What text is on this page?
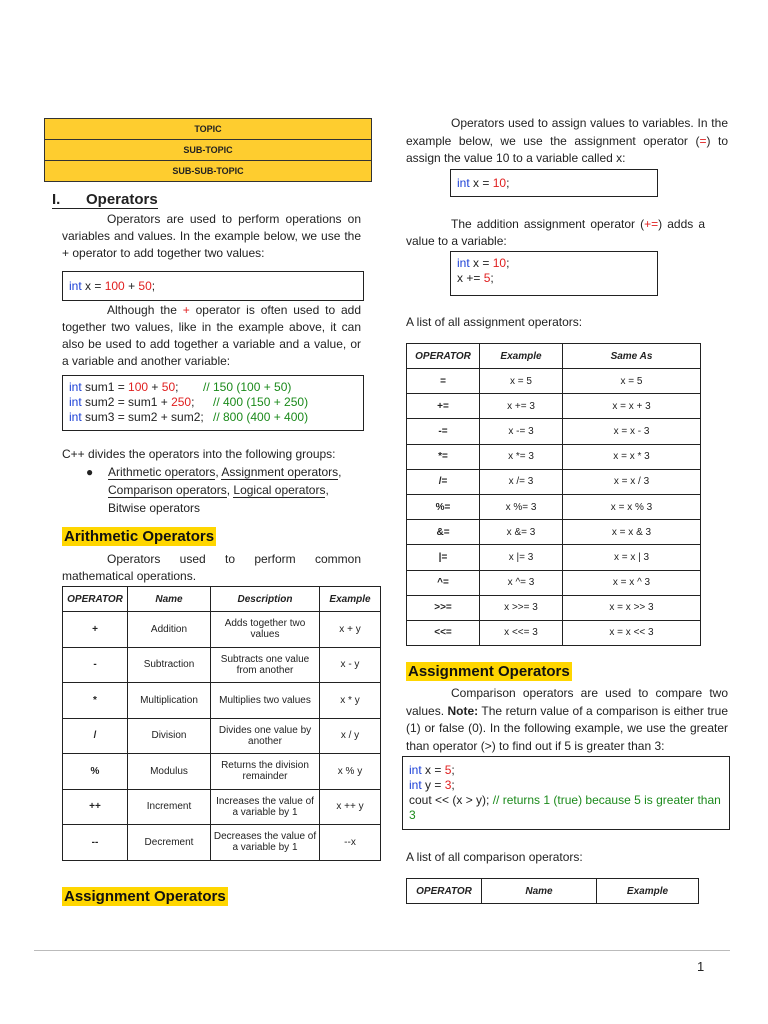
TOPIC
SUB-TOPIC
SUB-SUB-TOPIC
I. Operators

Operators are used to perform operations on variables and values. In the example below, we use the + operator to add together two values:

int x = 100 + 50;

Although the + operator is often used to add together two values, like in the example above, it can also be used to add together a variable and a value, or a variable and another variable:

int sum1 = 100 + 50; // 150 (100 + 50)
int sum2 = sum1 + 250; // 400 (150 + 250)
int sum3 = sum2 + sum2; // 800 (400 + 400)

C++ divides the operators into the following groups:

● Arithmetic operators, Assignment operators,
Comparison operators, Logical operators,
Bitwise operators
Arithmetic Operators

Operators used to perform common mathematical operations.

OPERATOR	Name	Description	Example
+	Addition	Adds together two values	x + y
-	Subtraction	Subtracts one value from another	x - y
*	Multiplication	Multiplies two values	x * y
/	Division	Divides one value by another	x / y
%	Modulus	Returns the division remainder	x % y
++	Increment	Increases the value of a variable by 1	x ++ y
--	Decrement	Decreases the value of a variable by 1	--x
Assignment Operators

Operators used to assign values to variables. In the example below, we use the assignment operator (=) to assign the value 10 to a variable called x:

int x = 10;

The addition assignment operator (+=) adds a value to a variable:

int x = 10;
x += 5;

A list of all assignment operators:

OPERATOR	Example	Same As
=	x = 5	x = 5
+=	x += 3	x = x + 3
-=	x -= 3	x = x - 3
*=	x *= 3	x = x * 3
/=	x /= 3	x = x / 3
%=	x %= 3	x = x % 3
&=	x &= 3	x = x & 3
|=	x |= 3	x = x | 3
^=	x ^= 3	x = x ^ 3
>>=	x >>= 3	x = x >> 3
<<=	x <<= 3	x = x << 3
Assignment Operators

Comparison operators are used to compare two values. Note: The return value of a comparison is either true (1) or false (0). In the following example, we use the greater than operator (>) to find out if 5 is greater than 3:

int x = 5;
int y = 3;
cout << (x > y); // returns 1 (true) because 5 is greater than 3

A list of all comparison operators:

OPERATOR	Name	Example
1
